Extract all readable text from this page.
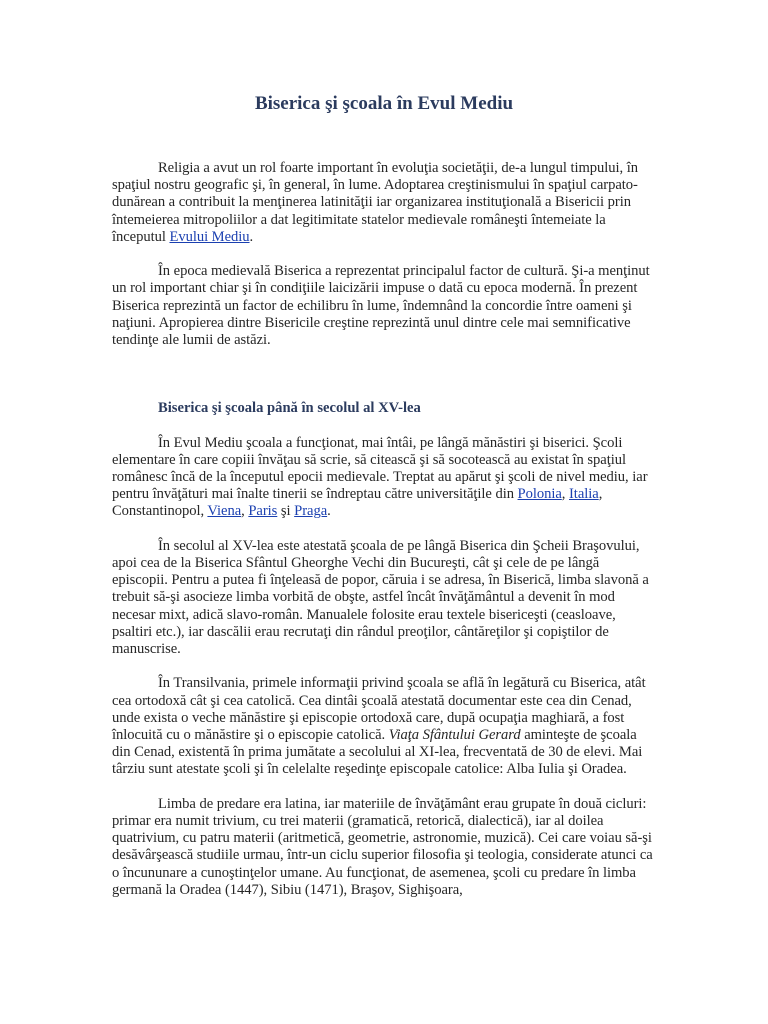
Biserica şi şcoala în Evul Mediu

Religia a avut un rol foarte important în evoluţia societăţii, de-a lungul timpului, în spaţiul nostru geografic şi, în general, în lume. Adoptarea creştinismului în spaţiul carpato-dunărean a contribuit la menţinerea latinităţii iar organizarea instituţională a Bisericii prin întemeierea mitropoliilor a dat legitimitate statelor medievale româneşti întemeiate la începutul Evului Mediu.

În epoca medievală Biserica a reprezentat principalul factor de cultură. Şi-a menţinut un rol important chiar şi în condiţiile laicizării impuse o dată cu epoca modernă. În prezent Biserica reprezintă un factor de echilibru în lume, îndemnând la concordie între oameni şi naţiuni. Apropierea dintre Bisericile creştine reprezintă unul dintre cele mai semnificative tendinţe ale lumii de astăzi.

Biserica şi şcoala până în secolul al XV-lea

În Evul Mediu şcoala a funcţionat, mai întâi, pe lângă mănăstiri şi biserici. Şcoli elementare în care copiii învăţau să scrie, să citească şi să socotească au existat în spaţiul românesc încă de la începutul epocii medievale. Treptat au apărut şi şcoli de nivel mediu, iar pentru învăţături mai înalte tinerii se îndreptau către universităţile din Polonia, Italia, Constantinopol, Viena, Paris şi Praga.

În secolul al XV-lea este atestată şcoala de pe lângă Biserica din Şcheii Braşovului, apoi cea de la Biserica Sfântul Gheorghe Vechi din Bucureşti, cât şi cele de pe lângă episcopii. Pentru a putea fi înţeleasă de popor, căruia i se adresa, în Biserică, limba slavonă a trebuit să-şi asocieze limba vorbită de obşte, astfel încât învăţământul a devenit în mod necesar mixt, adică slavo-român. Manualele folosite erau textele bisericeşti (ceasloave, psaltiri etc.), iar dascălii erau recrutaţi din rândul preoţilor, cântăreţilor şi copiştilor de manuscrise.

În Transilvania, primele informaţii privind şcoala se află în legătură cu Biserica, atât cea ortodoxă cât şi cea catolică. Cea dintâi şcoală atestată documentar este cea din Cenad, unde exista o veche mănăstire şi episcopie ortodoxă care, după ocupaţia maghiară, a fost înlocuită cu o mănăstire şi o episcopie catolică. Viaţa Sfântului Gerard aminteşte de şcoala din Cenad, existentă în prima jumătate a secolului al XI-lea, frecventată de 30 de elevi. Mai târziu sunt atestate şcoli şi în celelalte reşedinţe episcopale catolice: Alba Iulia şi Oradea.

Limba de predare era latina, iar materiile de învăţământ erau grupate în două cicluri: primar era numit trivium, cu trei materii (gramatică, retorică, dialectică), iar al doilea quatrivium, cu patru materii (aritmetică, geometrie, astronomie, muzică). Cei care voiau să-şi desăvârşească studiile urmau, într-un ciclu superior filosofia şi teologia, considerate atunci ca o încununare a cunoştinţelor umane. Au funcţionat, de asemenea, şcoli cu predare în limba germană la Oradea (1447), Sibiu (1471), Braşov, Sighişoara,
